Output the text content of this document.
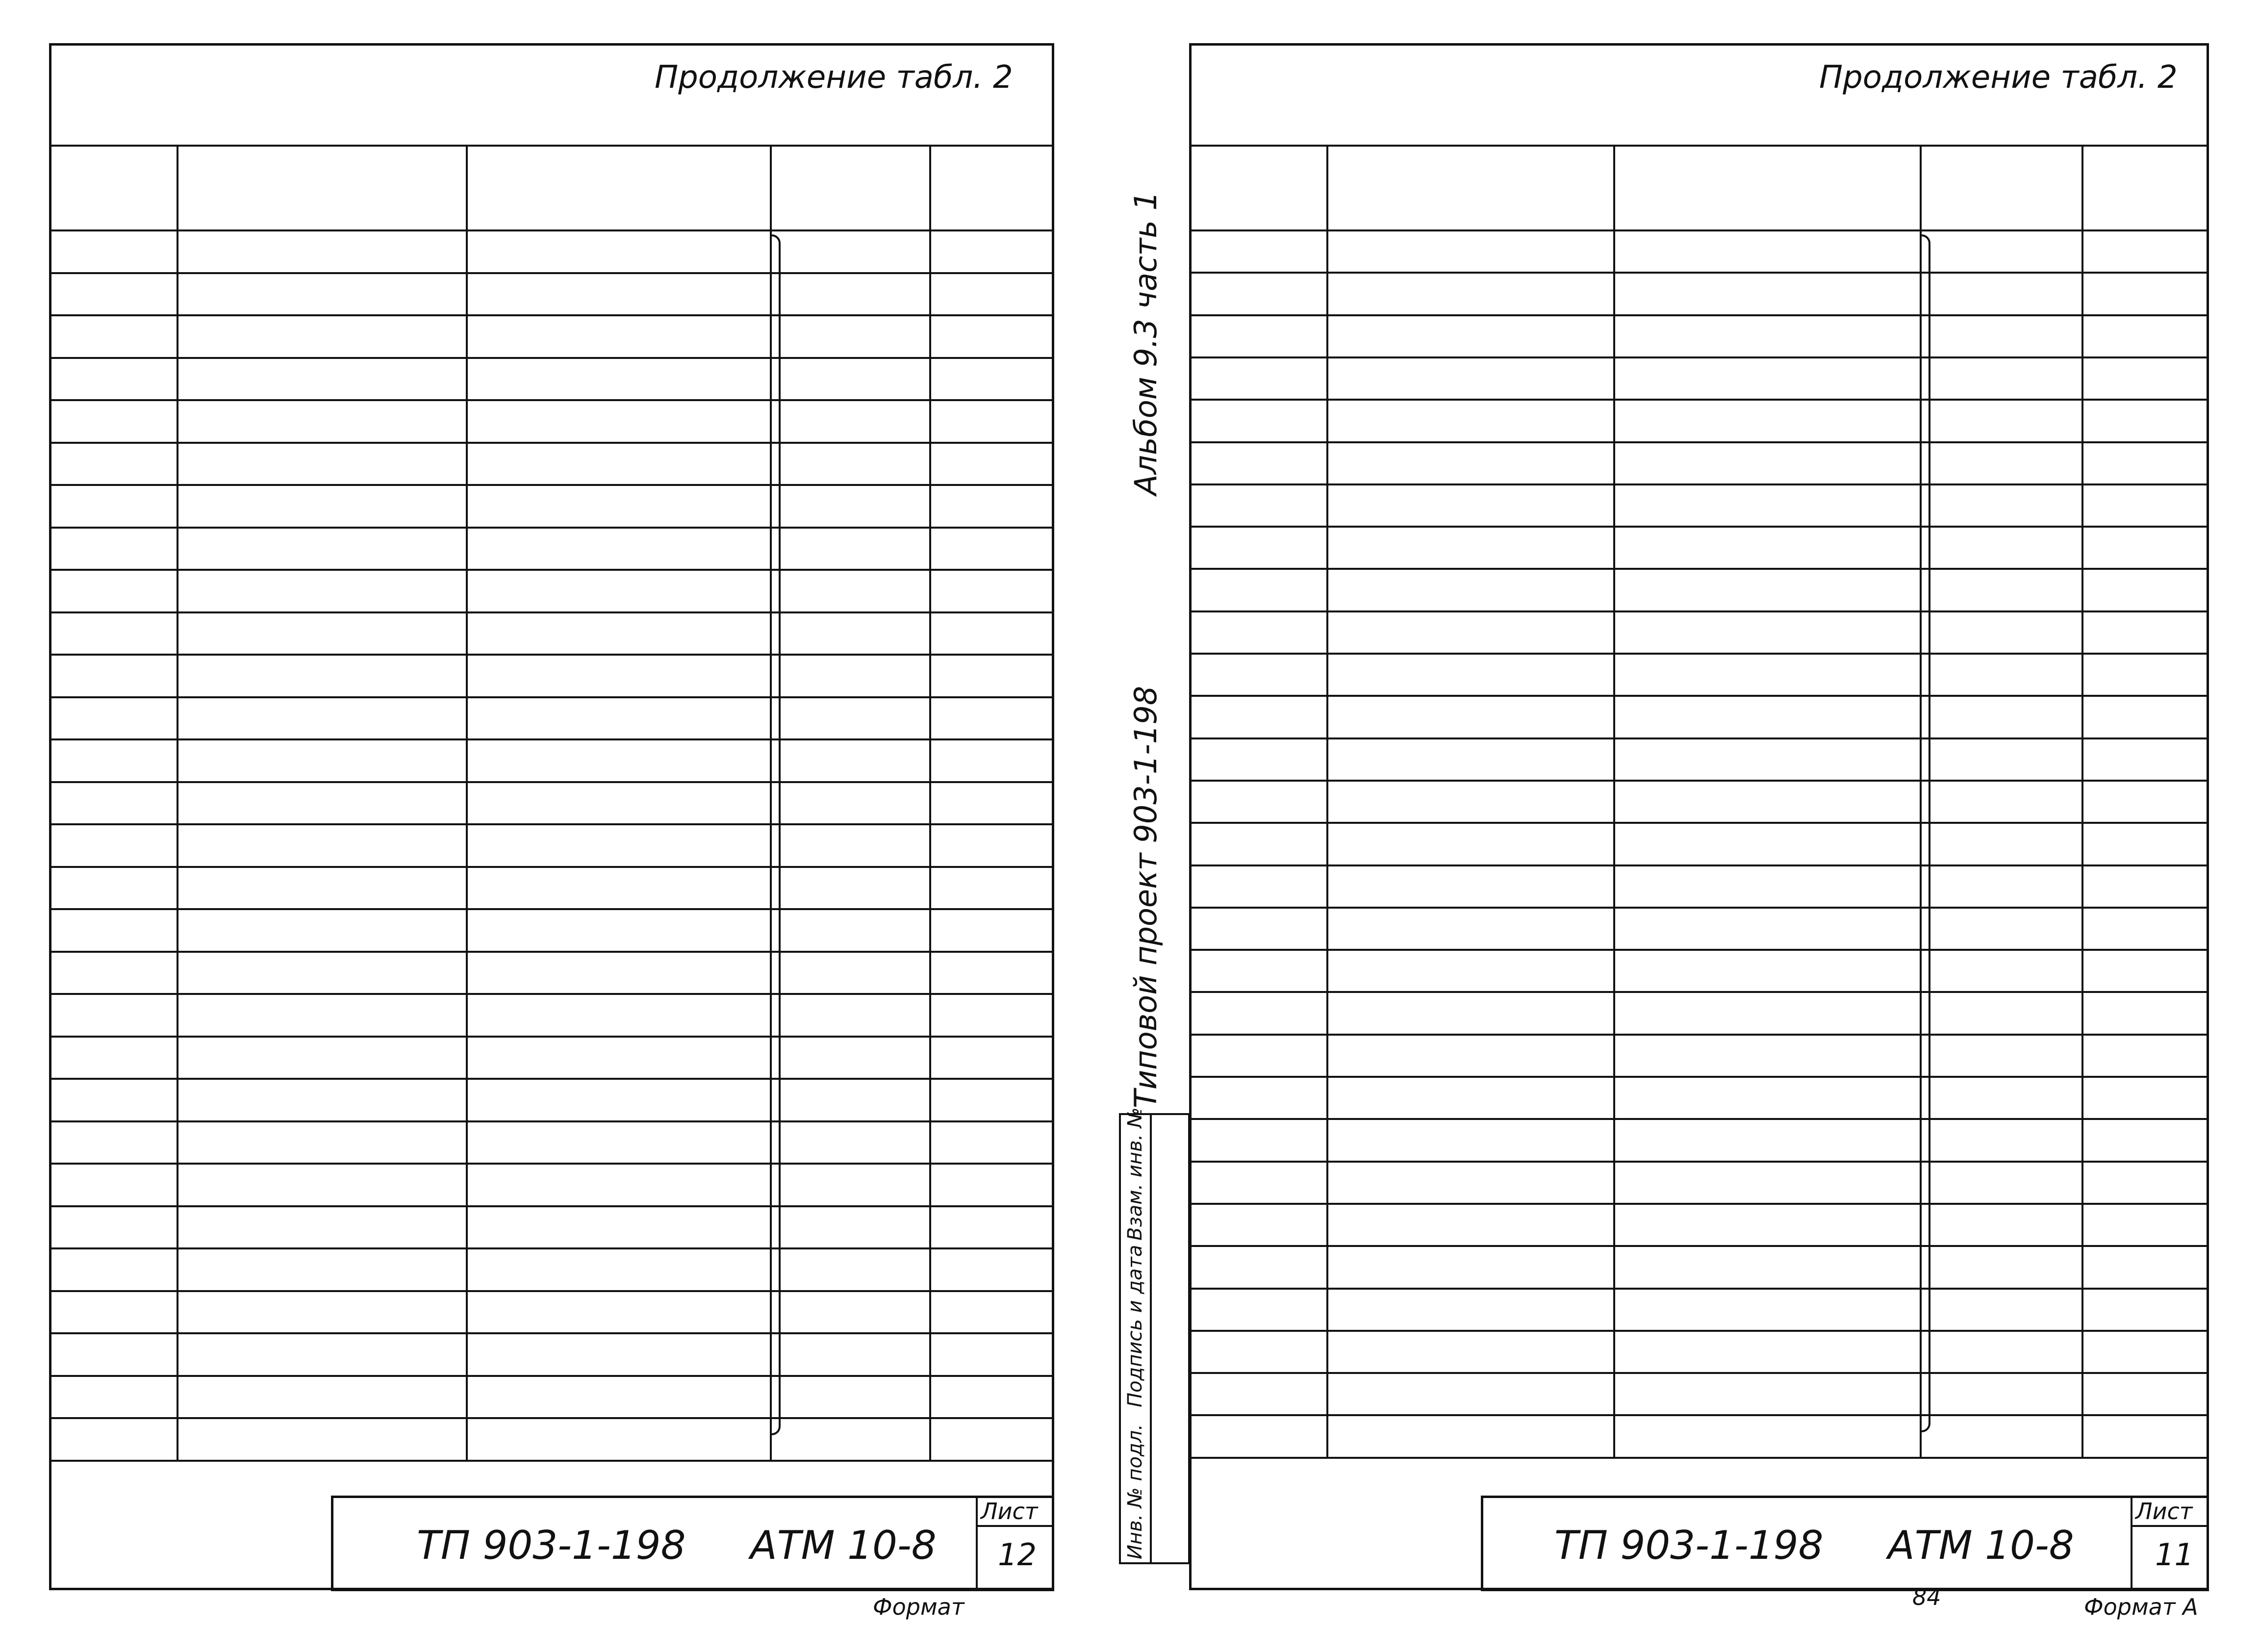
Продолжение табл. 2	Продолжение табл. 2
Альбом 9.3 часть 1
Типовой проект 903-1-198
Инв. № подл.
Подпись и дата
Взам. инв. №
ТП 903-1-198 АТМ 10-8
Лист
12
Формат
ТП 903-1-198 АТМ 10-8
Лист
11
Формат А
84
